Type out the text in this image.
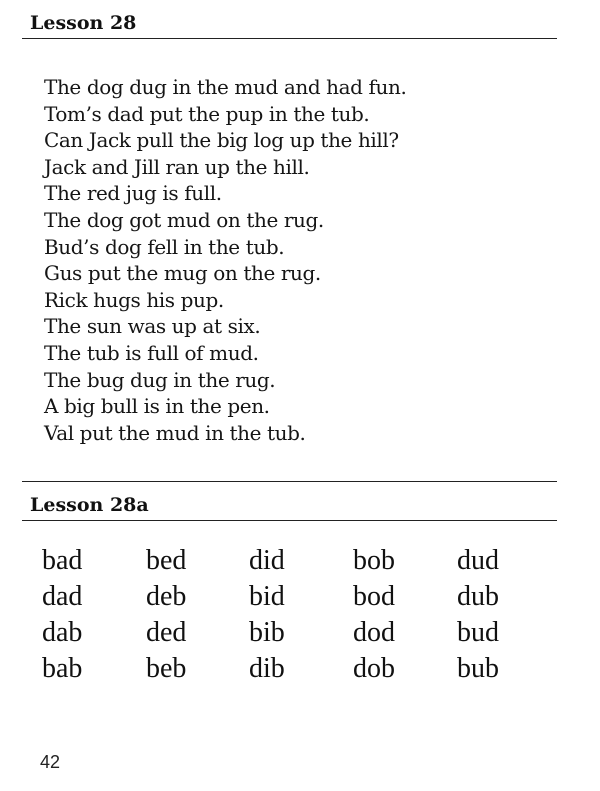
Lesson 28
The dog dug in the mud and had fun.
Tom’s dad put the pup in the tub.
Can Jack pull the big log up the hill?
Jack and Jill ran up the hill.
The red jug is full.
The dog got mud on the rug.
Bud’s dog fell in the tub.
Gus put the mug on the rug.
Rick hugs his pup.
The sun was up at six.
The tub is full of mud.
The bug dug in the rug.
A big bull is in the pen.
Val put the mud in the tub.
Lesson 28a
bad	bed	did	bob	dud
dad	deb	bid	bod	dub
dab	ded	bib	dod	bud
bab	beb	dib	dob	bub
42
